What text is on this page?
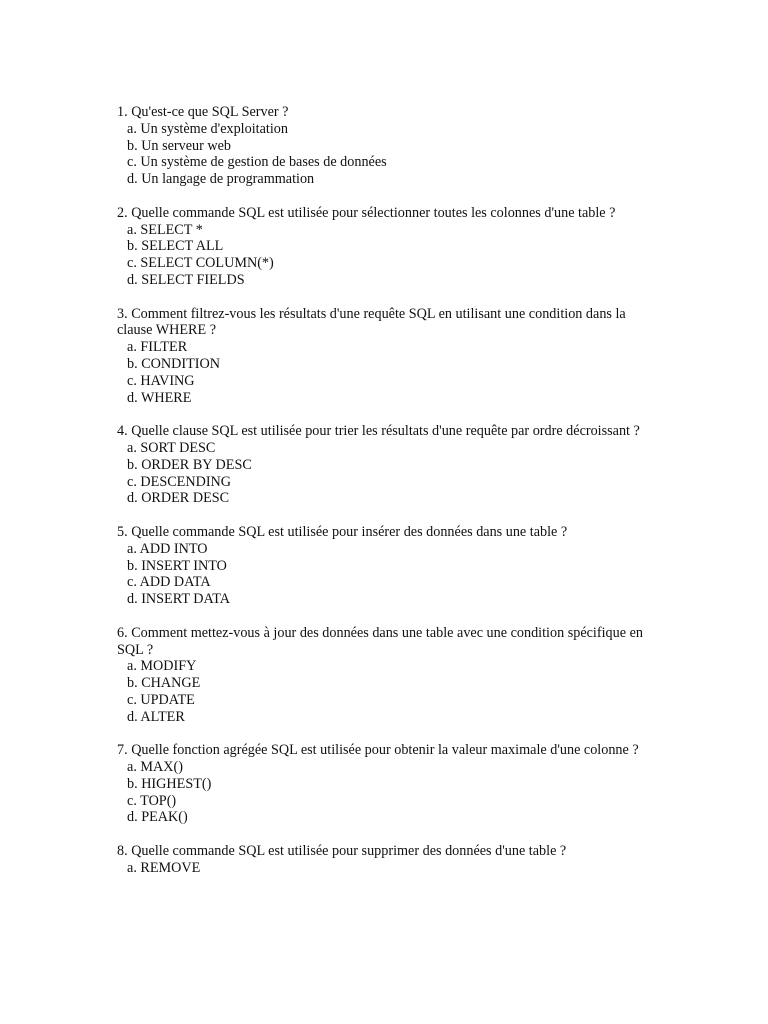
1. Qu'est-ce que SQL Server ?
a . Un système d'exploitation
b . Un serveur web
c . Un système de gestion de bases de données
d . Un langage de programmation
2. Quelle commande SQL est utilisée pour sélectionner toutes les colonnes d'une table ?
a . SELECT *
b . SELECT ALL
c . SELECT COLUMN(*)
d . SELECT FIELDS
3. Comment filtrez-vous les résultats d'une requête SQL en utilisant une condition dans la clause WHERE ?
a . FILTER
b . CONDITION
c . HAVING
d . WHERE
4. Quelle clause SQL est utilisée pour trier les résultats d'une requête par ordre décroissant ?
a . SORT DESC
b . ORDER BY DESC
c . DESCENDING
d . ORDER DESC
5. Quelle commande SQL est utilisée pour insérer des données dans une table ?
a . ADD INTO
b . INSERT INTO
c . ADD DATA
d . INSERT DATA
6. Comment mettez-vous à jour des données dans une table avec une condition spécifique en SQL ?
a . MODIFY
b . CHANGE
c . UPDATE
d . ALTER
7. Quelle fonction agrégée SQL est utilisée pour obtenir la valeur maximale d'une colonne ?
a . MAX()
b . HIGHEST()
c . TOP()
d . PEAK()
8. Quelle commande SQL est utilisée pour supprimer des données d'une table ?
a . REMOVE
